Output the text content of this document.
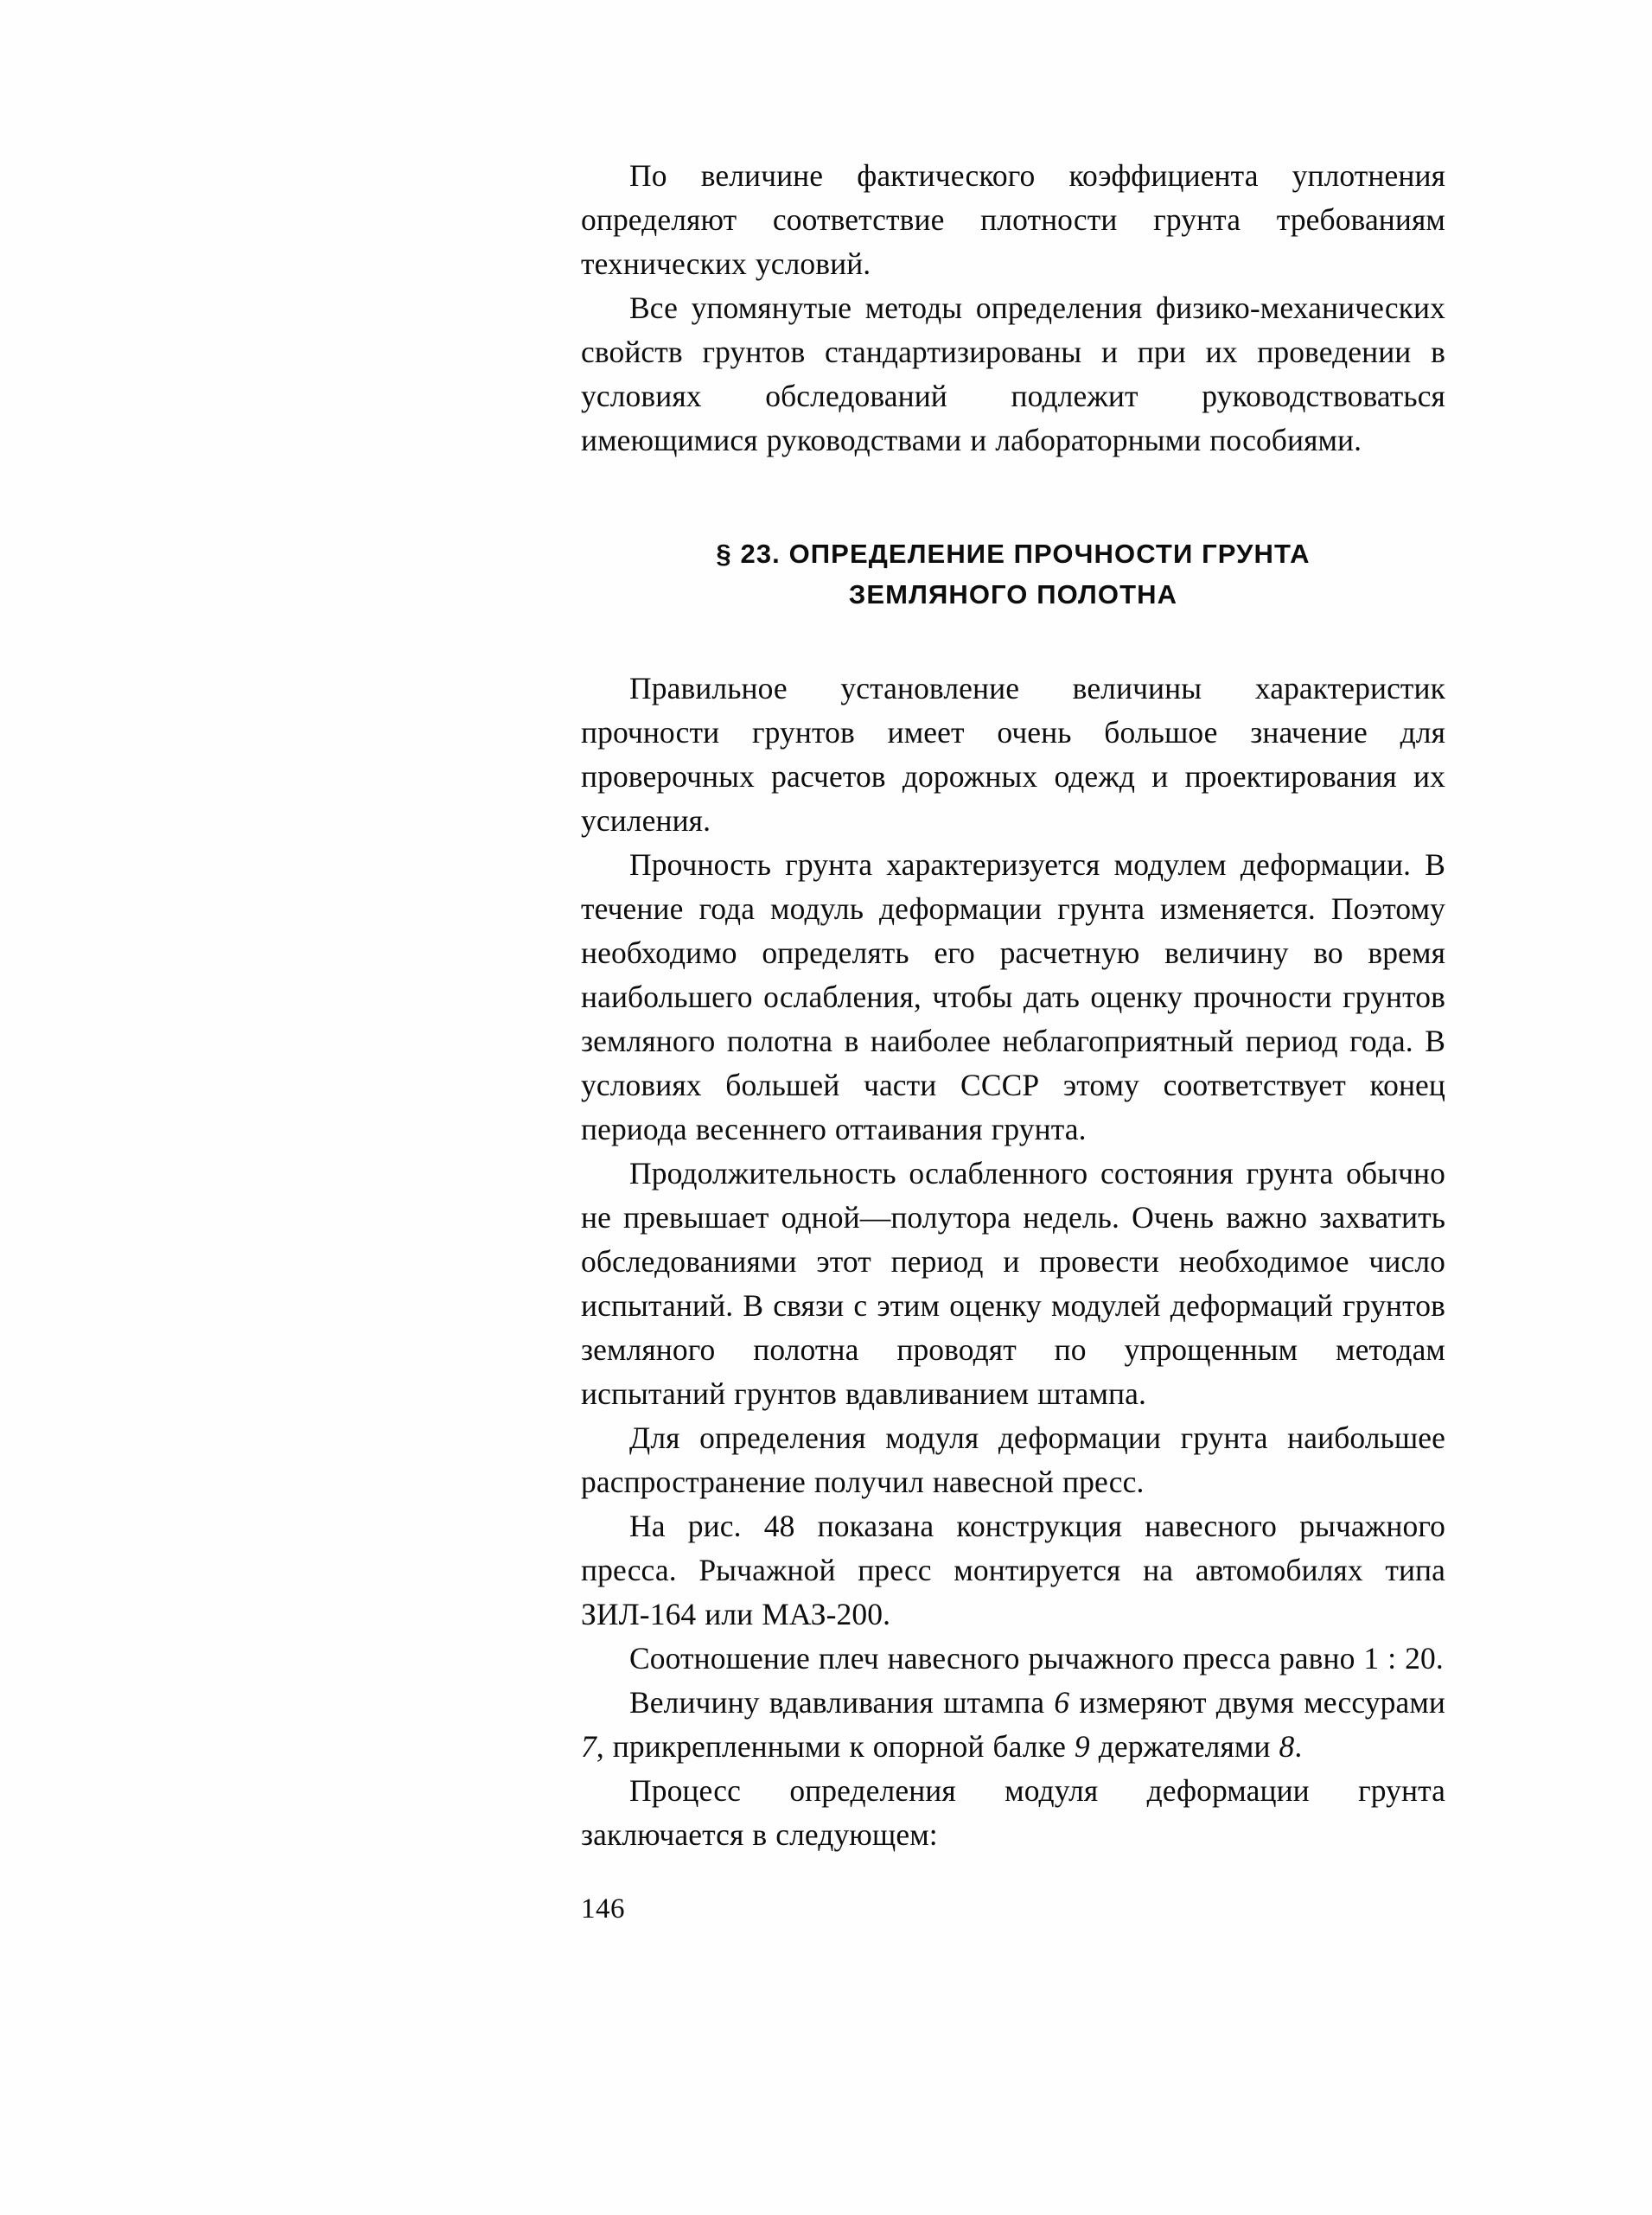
По величине фактического коэффициента уплотнения определяют соответствие плотности грунта требованиям технических условий.

Все упомянутые методы определения физико-механических свойств грунтов стандартизированы и при их проведении в условиях обследований подлежит руководствоваться имеющимися руководствами и лабораторными пособиями.

§ 23. ОПРЕДЕЛЕНИЕ ПРОЧНОСТИ ГРУНТА
ЗЕМЛЯНОГО ПОЛОТНА

Правильное установление величины характеристик прочности грунтов имеет очень большое значение для проверочных расчетов дорожных одежд и проектирования их усиления.

Прочность грунта характеризуется модулем деформации. В течение года модуль деформации грунта изменяется. Поэтому необходимо определять его расчетную величину во время наибольшего ослабления, чтобы дать оценку прочности грунтов земляного полотна в наиболее неблагоприятный период года. В условиях большей части СССР этому соответствует конец периода весеннего оттаивания грунта.

Продолжительность ослабленного состояния грунта обычно не превышает одной—полутора недель. Очень важно захватить обследованиями этот период и провести необходимое число испытаний. В связи с этим оценку модулей деформаций грунтов земляного полотна проводят по упрощенным методам испытаний грунтов вдавливанием штампа.

Для определения модуля деформации грунта наибольшее распространение получил навесной пресс.

На рис. 48 показана конструкция навесного рычажного пресса. Рычажной пресс монтируется на автомобилях типа ЗИЛ-164 или МАЗ-200.

Соотношение плеч навесного рычажного пресса равно 1 : 20.

Величину вдавливания штампа 6 измеряют двумя мессурами 7, прикрепленными к опорной балке 9 держателями 8.

Процесс определения модуля деформации грунта заключается в следующем:

146
